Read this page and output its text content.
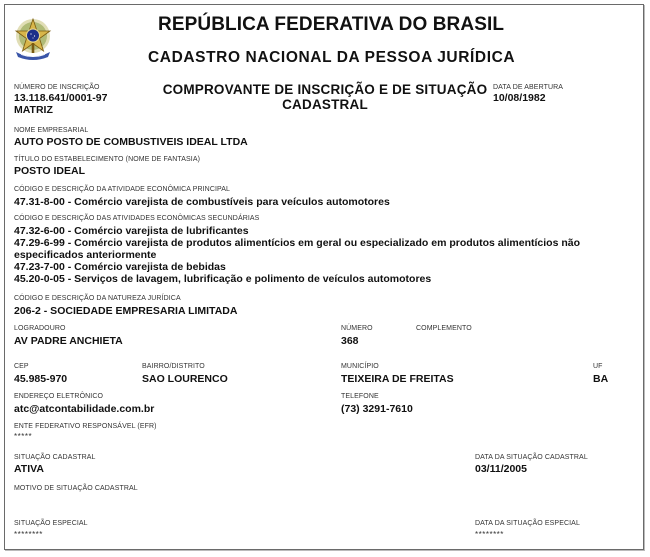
REPÚBLICA FEDERATIVA DO BRASIL
CADASTRO NACIONAL DA PESSOA JURÍDICA
NÚMERO DE INSCRIÇÃO
13.118.641/0001-97
MATRIZ
COMPROVANTE DE INSCRIÇÃO E DE SITUAÇÃO
CADASTRAL
DATA DE ABERTURA
10/08/1982
NOME EMPRESARIAL
AUTO POSTO DE COMBUSTIVEIS IDEAL LTDA
TÍTULO DO ESTABELECIMENTO (NOME DE FANTASIA)
POSTO IDEAL
CÓDIGO E DESCRIÇÃO DA ATIVIDADE ECONÔMICA PRINCIPAL
47.31-8-00 - Comércio varejista de combustíveis para veículos automotores
CÓDIGO E DESCRIÇÃO DAS ATIVIDADES ECONÔMICAS SECUNDÁRIAS
47.32-6-00 - Comércio varejista de lubrificantes
47.29-6-99 - Comércio varejista de produtos alimentícios em geral ou especializado em produtos alimentícios não
especificados anteriormente
47.23-7-00 - Comércio varejista de bebidas
45.20-0-05 - Serviços de lavagem, lubrificação e polimento de veículos automotores
CÓDIGO E DESCRIÇÃO DA NATUREZA JURÍDICA
206-2 - SOCIEDADE EMPRESARIA LIMITADA
LOGRADOURO
AV PADRE ANCHIETA
NÚMERO
368
COMPLEMENTO
CEP
45.985-970
BAIRRO/DISTRITO
SAO LOURENCO
MUNICÍPIO
TEIXEIRA DE FREITAS
UF
BA
ENDEREÇO ELETRÔNICO
atc@atcontabilidade.com.br
TELEFONE
(73) 3291-7610
ENTE FEDERATIVO RESPONSÁVEL (EFR)
*****
SITUAÇÃO CADASTRAL
ATIVA
DATA DA SITUAÇÃO CADASTRAL
03/11/2005
MOTIVO DE SITUAÇÃO CADASTRAL
SITUAÇÃO ESPECIAL
********
DATA DA SITUAÇÃO ESPECIAL
********
